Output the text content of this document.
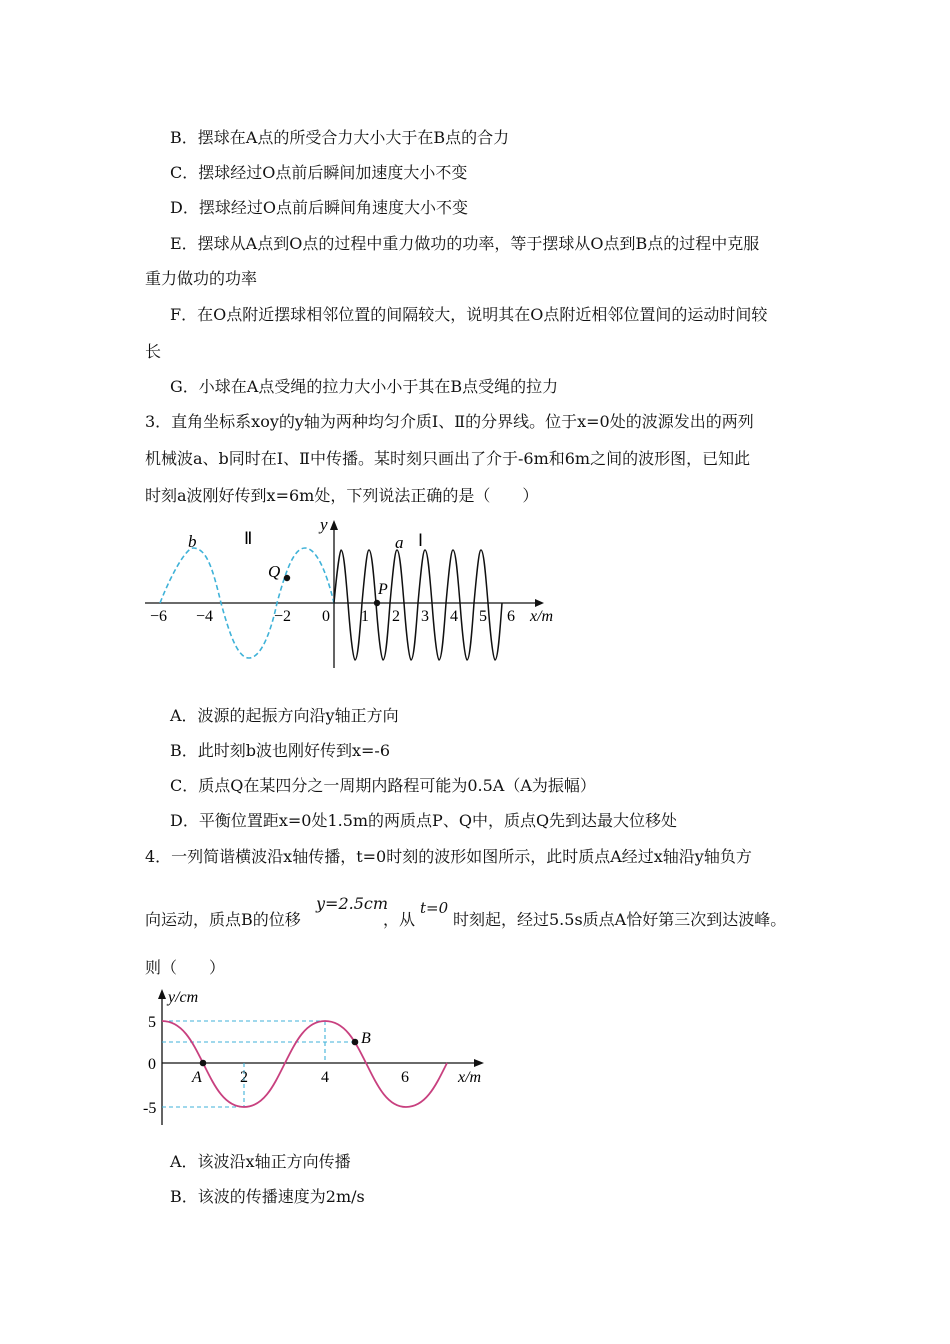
B．摆球在A点的所受合力大小大于在B点的合力
C．摆球经过O点前后瞬间加速度大小不变
D．摆球经过O点前后瞬间角速度大小不变
E．摆球从A点到O点的过程中重力做功的功率，等于摆球从O点到B点的过程中克服
重力做功的功率
F．在O点附近摆球相邻位置的间隔较大，说明其在O点附近相邻位置间的运动时间较
长
G．小球在A点受绳的拉力大小小于其在B点受绳的拉力
3．直角坐标系xoy的y轴为两种均匀介质Ⅰ、Ⅱ的分界线。位于x=0处的波源发出的两列
机械波a、b同时在Ⅰ、Ⅱ中传播。某时刻只画出了介于-6m和6m之间的波形图，已知此
时刻a波刚好传到x=6m处，下列说法正确的是（　　）
b	Ⅱ
y
a Ⅰ
Q
P
x/m
−6 −4	−2 0 1 2 3 4 5 6
A．波源的起振方向沿y轴正方向
B．此时刻b波也刚好传到x=-6
C．质点Q在某四分之一周期内路程可能为0.5A（A为振幅）
D．平衡位置距x=0处1.5m的两质点P、Q中，质点Q先到达最大位移处
4．一列简谐横波沿x轴传播，t=0时刻的波形如图所示，此时质点A经过x轴沿y轴负方
向运动，质点B的位移
y=2.5cm
，从
t=0
时刻起，经过5.5s质点A恰好第三次到达波峰。
则（　　）
y/cm
x/m
A
B
5
0
-5
2	4	6
A．该波沿x轴正方向传播
B．该波的传播速度为2m/s
